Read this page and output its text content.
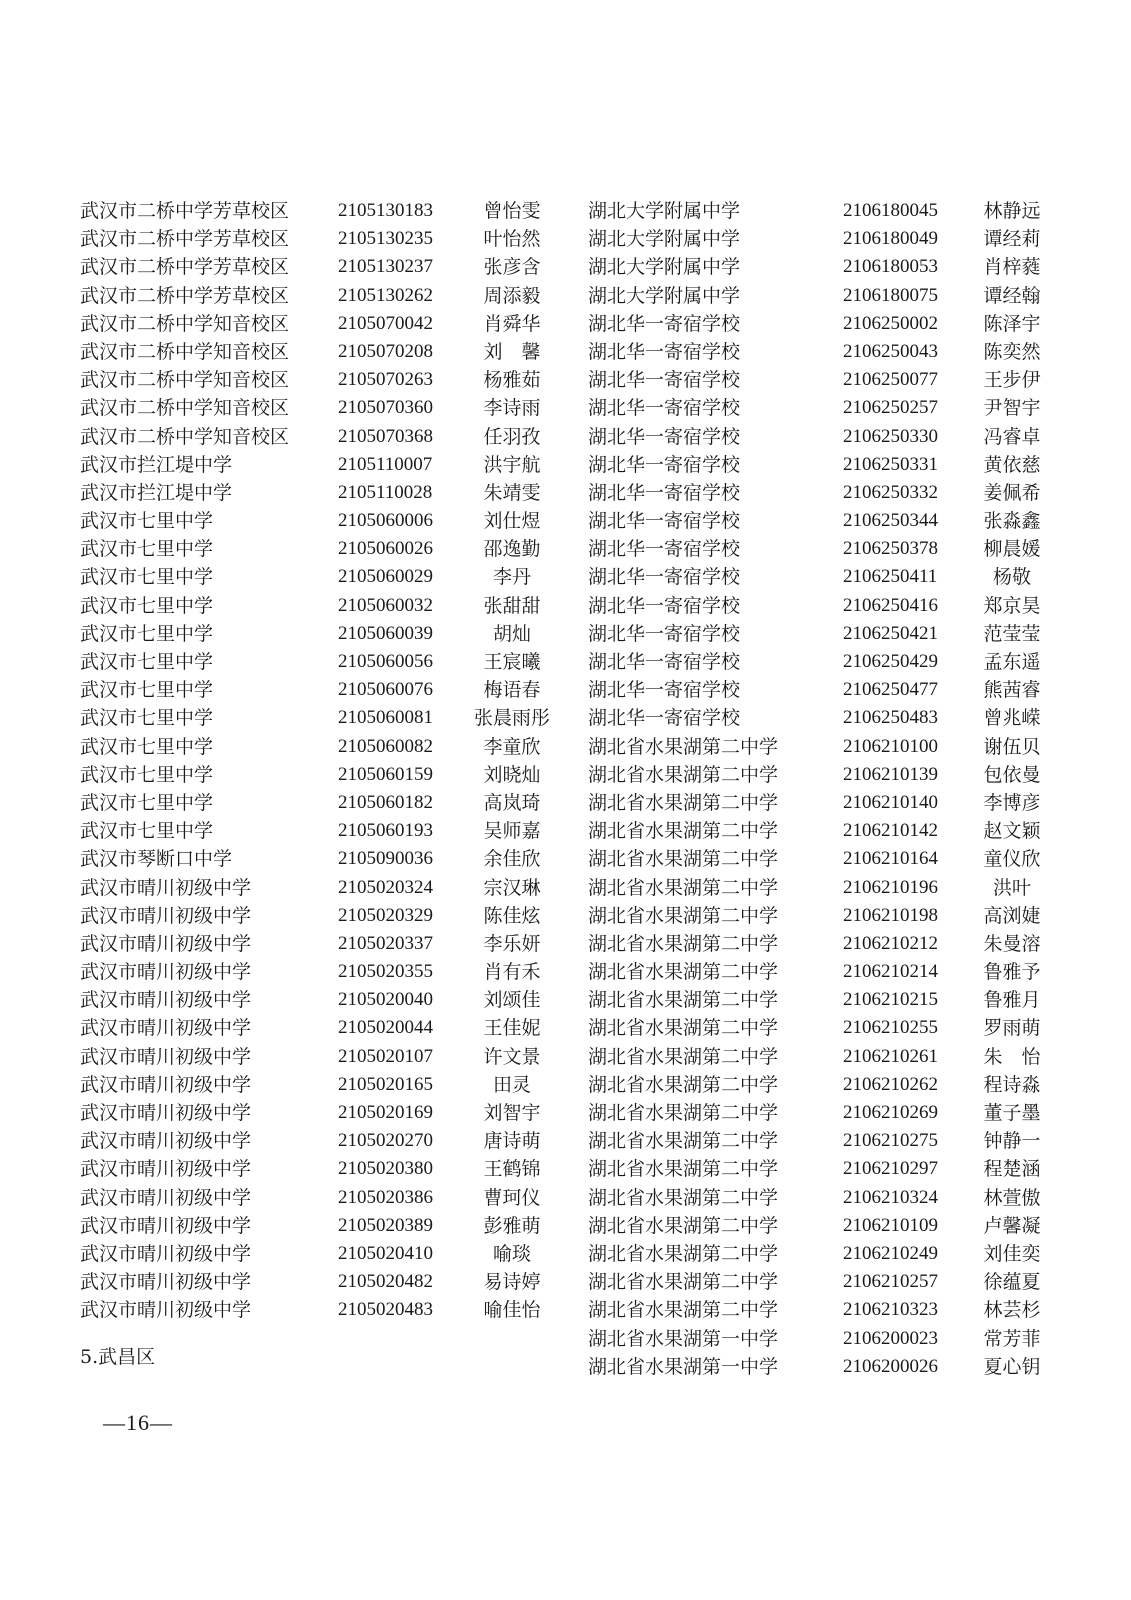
武汉市二桥中学芳草校区	2105130183	曾怡雯
武汉市二桥中学芳草校区	2105130235	叶怡然
武汉市二桥中学芳草校区	2105130237	张彦含
武汉市二桥中学芳草校区	2105130262	周添毅
武汉市二桥中学知音校区	2105070042	肖舜华
武汉市二桥中学知音校区	2105070208	刘　馨
武汉市二桥中学知音校区	2105070263	杨雅茹
武汉市二桥中学知音校区	2105070360	李诗雨
武汉市二桥中学知音校区	2105070368	任羽孜
武汉市拦江堤中学	2105110007	洪宇航
武汉市拦江堤中学	2105110028	朱靖雯
武汉市七里中学	2105060006	刘仕煜
武汉市七里中学	2105060026	邵逸勤
武汉市七里中学	2105060029	李丹
武汉市七里中学	2105060032	张甜甜
武汉市七里中学	2105060039	胡灿
武汉市七里中学	2105060056	王宸曦
武汉市七里中学	2105060076	梅语春
武汉市七里中学	2105060081	张晨雨彤
武汉市七里中学	2105060082	李童欣
武汉市七里中学	2105060159	刘晓灿
武汉市七里中学	2105060182	高岚琦
武汉市七里中学	2105060193	吴师嘉
武汉市琴断口中学	2105090036	余佳欣
武汉市晴川初级中学	2105020324	宗汉琳
武汉市晴川初级中学	2105020329	陈佳炫
武汉市晴川初级中学	2105020337	李乐妍
武汉市晴川初级中学	2105020355	肖有禾
武汉市晴川初级中学	2105020040	刘颂佳
武汉市晴川初级中学	2105020044	王佳妮
武汉市晴川初级中学	2105020107	许文景
武汉市晴川初级中学	2105020165	田灵
武汉市晴川初级中学	2105020169	刘智宇
武汉市晴川初级中学	2105020270	唐诗萌
武汉市晴川初级中学	2105020380	王鹤锦
武汉市晴川初级中学	2105020386	曹珂仪
武汉市晴川初级中学	2105020389	彭雅萌
武汉市晴川初级中学	2105020410	喻琰
武汉市晴川初级中学	2105020482	易诗婷
武汉市晴川初级中学	2105020483	喻佳怡
湖北大学附属中学	2106180045	林静远
湖北大学附属中学	2106180049	谭经莉
湖北大学附属中学	2106180053	肖梓蕤
湖北大学附属中学	2106180075	谭经翰
湖北华一寄宿学校	2106250002	陈泽宇
湖北华一寄宿学校	2106250043	陈奕然
湖北华一寄宿学校	2106250077	王步伊
湖北华一寄宿学校	2106250257	尹智宇
湖北华一寄宿学校	2106250330	冯睿卓
湖北华一寄宿学校	2106250331	黄依慈
湖北华一寄宿学校	2106250332	姜佩希
湖北华一寄宿学校	2106250344	张淼鑫
湖北华一寄宿学校	2106250378	柳晨媛
湖北华一寄宿学校	2106250411	杨敬
湖北华一寄宿学校	2106250416	郑京昊
湖北华一寄宿学校	2106250421	范莹莹
湖北华一寄宿学校	2106250429	孟东遥
湖北华一寄宿学校	2106250477	熊茜睿
湖北华一寄宿学校	2106250483	曾兆嵘
湖北省水果湖第二中学	2106210100	谢伍贝
湖北省水果湖第二中学	2106210139	包依曼
湖北省水果湖第二中学	2106210140	李博彦
湖北省水果湖第二中学	2106210142	赵文颖
湖北省水果湖第二中学	2106210164	童仪欣
湖北省水果湖第二中学	2106210196	洪叶
湖北省水果湖第二中学	2106210198	高浏婕
湖北省水果湖第二中学	2106210212	朱曼溶
湖北省水果湖第二中学	2106210214	鲁雅予
湖北省水果湖第二中学	2106210215	鲁雅月
湖北省水果湖第二中学	2106210255	罗雨萌
湖北省水果湖第二中学	2106210261	朱　怡
湖北省水果湖第二中学	2106210262	程诗淼
湖北省水果湖第二中学	2106210269	董子墨
湖北省水果湖第二中学	2106210275	钟静一
湖北省水果湖第二中学	2106210297	程楚涵
湖北省水果湖第二中学	2106210324	林萱傲
湖北省水果湖第二中学	2106210109	卢馨凝
湖北省水果湖第二中学	2106210249	刘佳奕
湖北省水果湖第二中学	2106210257	徐蕴夏
湖北省水果湖第二中学	2106210323	林芸杉
湖北省水果湖第一中学	2106200023	常芳菲
湖北省水果湖第一中学	2106200026	夏心钥
5.武昌区
—16—
